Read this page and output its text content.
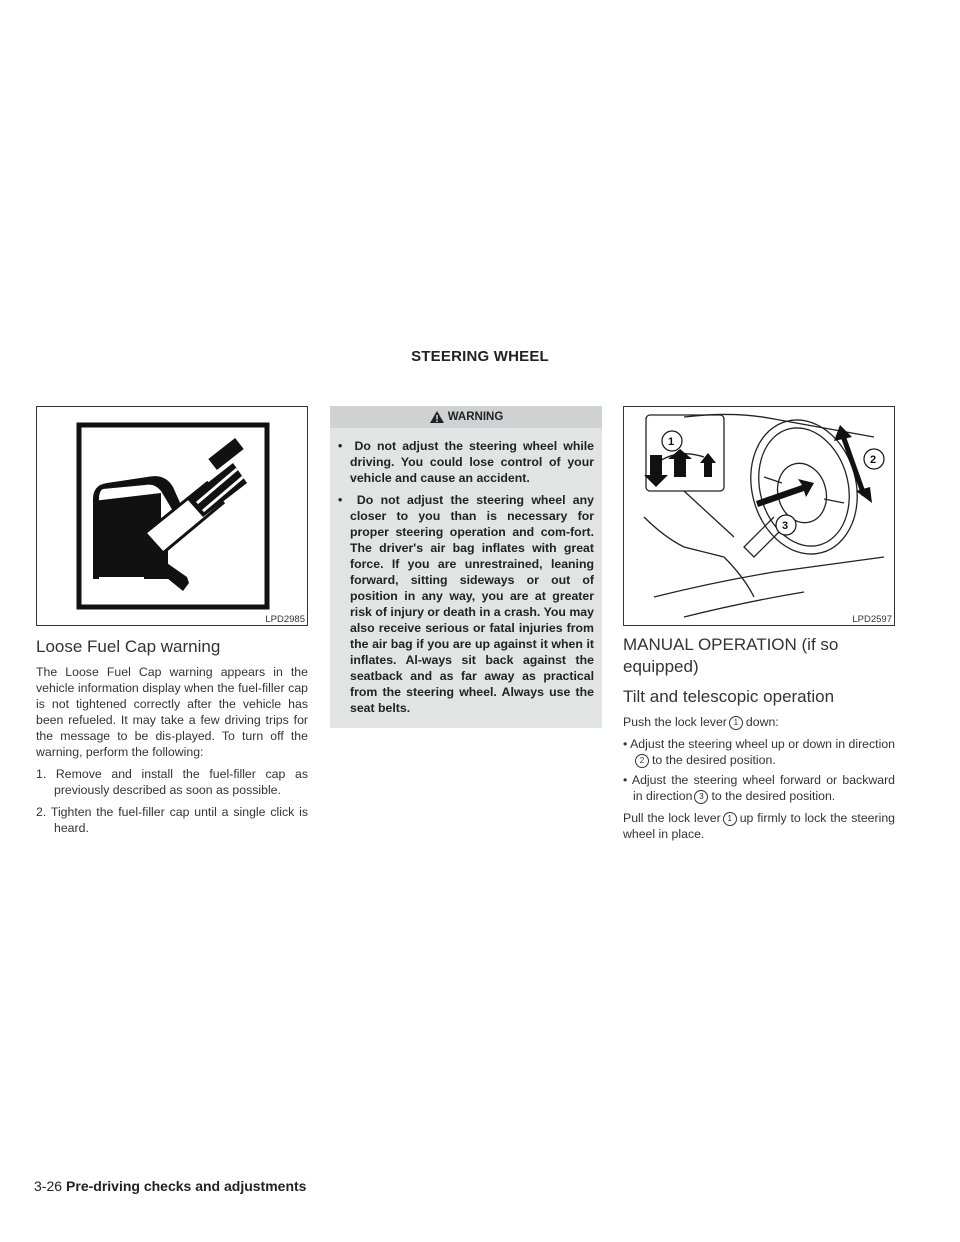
STEERING WHEEL
LPD2985
Loose Fuel Cap warning

The Loose Fuel Cap warning appears in the vehicle information display when the fuel-filler cap is not tightened correctly after the vehicle has been refueled. It may take a few driving trips for the message to be dis-played. To turn off the warning, perform the following:

1. Remove and install the fuel-filler cap as previously described as soon as possible.
2. Tighten the fuel-filler cap until a single click is heard.
WARNING
•  Do not adjust the steering wheel while driving. You could lose control of your vehicle and cause an accident.
•  Do not adjust the steering wheel any closer to you than is necessary for proper steering operation and com-fort. The driver's air bag inflates with great force. If you are unrestrained, leaning forward, sitting sideways or out of position in any way, you are at greater risk of injury or death in a crash. You may also receive serious or fatal injuries from the air bag if you are up against it when it inflates. Al-ways sit back against the seatback and as far away as practical from the steering wheel. Always use the seat belts.
1
2
3
LPD2597
MANUAL OPERATION (if so equipped)
Tilt and telescopic operation

Push the lock lever 1 down:

• Adjust the steering wheel up or down in direction2 to the desired position.
• Adjust the steering wheel forward or backward in direction 3 to the desired position.

Pull the lock lever 1 up firmly to lock the steering wheel in place.

3-26 Pre-driving checks and adjustments
